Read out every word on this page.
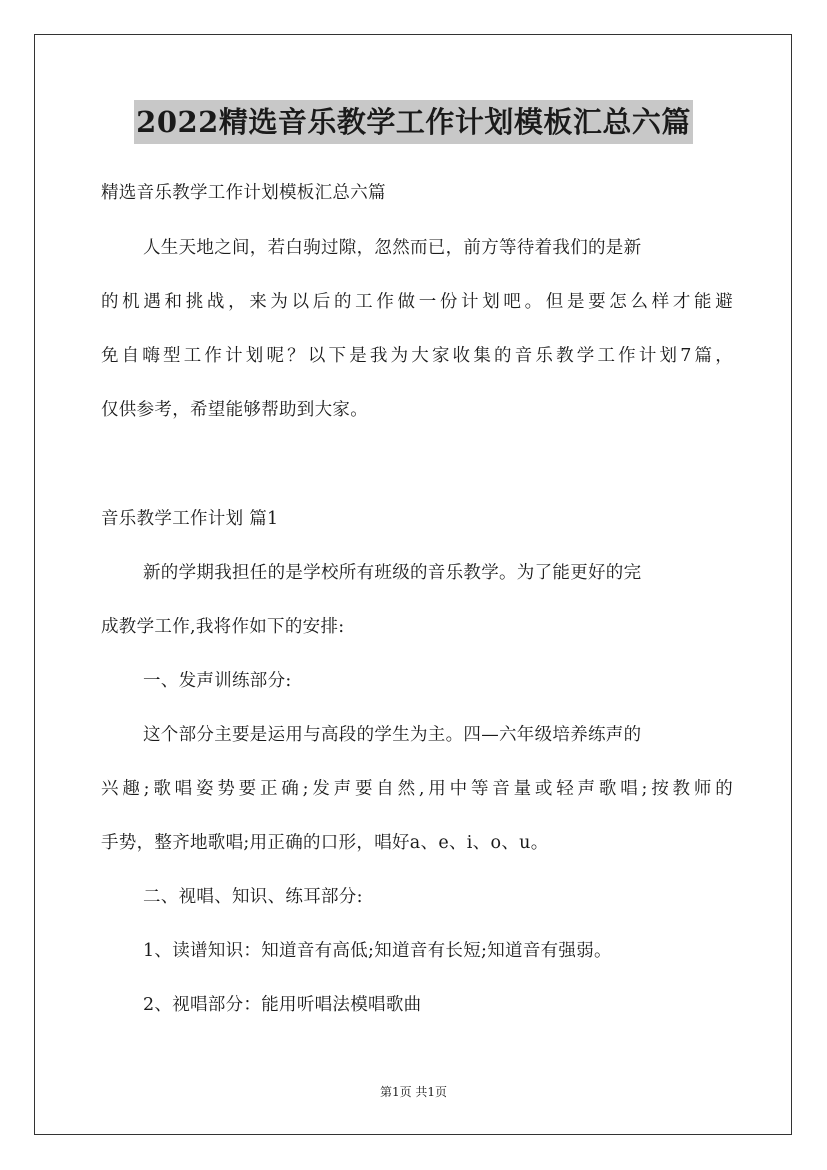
2022精选音乐教学工作计划模板汇总六篇
精选音乐教学工作计划模板汇总六篇
人生天地之间，若白驹过隙，忽然而已，前方等待着我们的是新
的机遇和挑战，来为以后的工作做一份计划吧。但是要怎么样才能避
免自嗨型工作计划呢？以下是我为大家收集的音乐教学工作计划7篇，
仅供参考，希望能够帮助到大家。
音乐教学工作计划 篇1
新的学期我担任的是学校所有班级的音乐教学。为了能更好的完
成教学工作,我将作如下的安排:
一、发声训练部分:
这个部分主要是运用与高段的学生为主。四—六年级培养练声的
兴趣;歌唱姿势要正确;发声要自然,用中等音量或轻声歌唱;按教师的
手势，整齐地歌唱;用正确的口形，唱好a、e、i、o、u。
二、视唱、知识、练耳部分:
1、读谱知识：知道音有高低;知道音有长短;知道音有强弱。
2、视唱部分：能用听唱法模唱歌曲
第1页 共1页
